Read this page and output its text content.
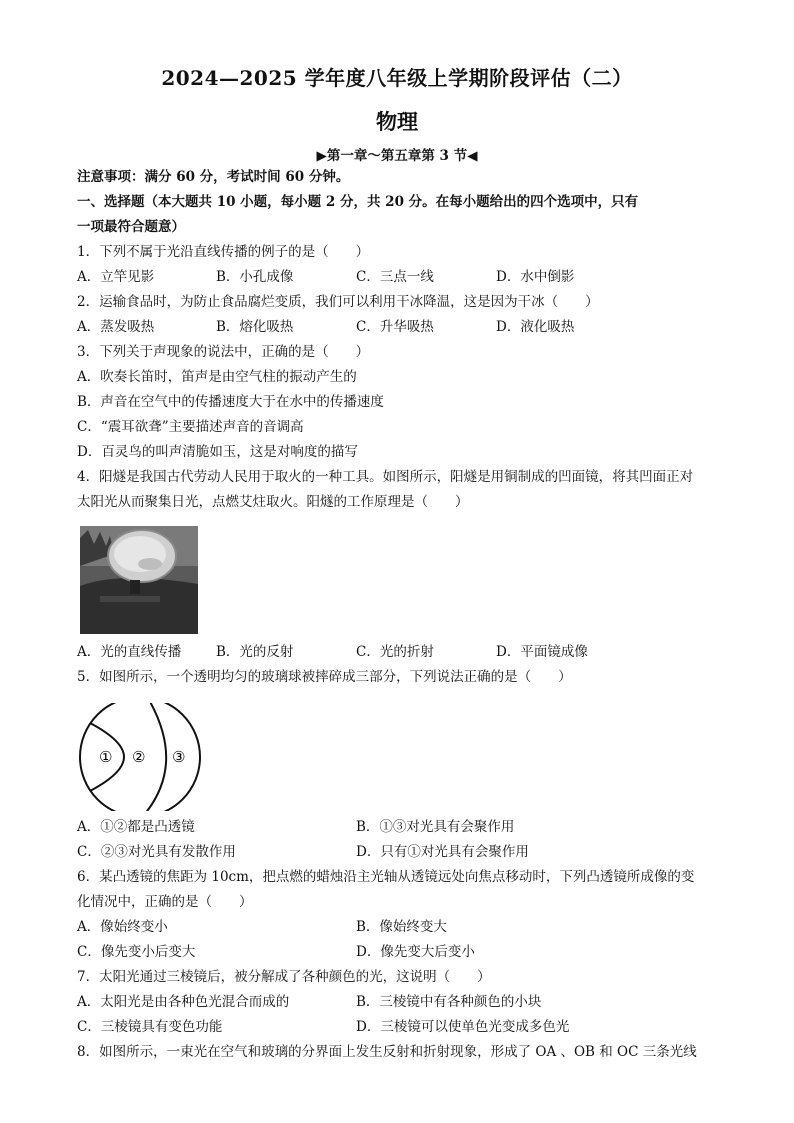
2024—2025 学年度八年级上学期阶段评估（二）
物理
▶第一章～第五章第 3 节◀
注意事项：满分 60 分，考试时间 60 分钟。
一、选择题（本大题共 10 小题，每小题 2 分，共 20 分。在每小题给出的四个选项中，只有
一项最符合题意）
1．下列不属于光沿直线传播的例子的是（　　）
A．立竿见影	B．小孔成像	C．三点一线	D．水中倒影
2．运输食品时，为防止食品腐烂变质，我们可以利用干冰降温，这是因为干冰（　　）
A．蒸发吸热	B．熔化吸热	C．升华吸热	D．液化吸热
3．下列关于声现象的说法中，正确的是（　　）
A．吹奏长笛时，笛声是由空气柱的振动产生的
B．声音在空气中的传播速度大于在水中的传播速度
C．“震耳欲聋”主要描述声音的音调高
D．百灵鸟的叫声清脆如玉，这是对响度的描写
4．阳燧是我国古代劳动人民用于取火的一种工具。如图所示，阳燧是用铜制成的凹面镜，将其凹面正对
太阳光从而聚集日光，点燃艾炷取火。阳燧的工作原理是（　　）
A．光的直线传播	B．光的反射	C．光的折射	D．平面镜成像
5．如图所示，一个透明均匀的玻璃球被摔碎成三部分，下列说法正确的是（　　）
① ② ③
A．①②都是凸透镜	B．①③对光具有会聚作用
C．②③对光具有发散作用	D．只有①对光具有会聚作用
6．某凸透镜的焦距为 10cm，把点燃的蜡烛沿主光轴从透镜远处向焦点移动时，下列凸透镜所成像的变
化情况中，正确的是（　　）
A．像始终变小	B．像始终变大
C．像先变小后变大	D．像先变大后变小
7．太阳光通过三棱镜后，被分解成了各种颜色的光，这说明（　　）
A．太阳光是由各种色光混合而成的	B．三棱镜中有各种颜色的小块
C．三棱镜具有变色功能	D．三棱镜可以使单色光变成多色光
8．如图所示，一束光在空气和玻璃的分界面上发生反射和折射现象，形成了 OA 、OB 和 OC 三条光线
